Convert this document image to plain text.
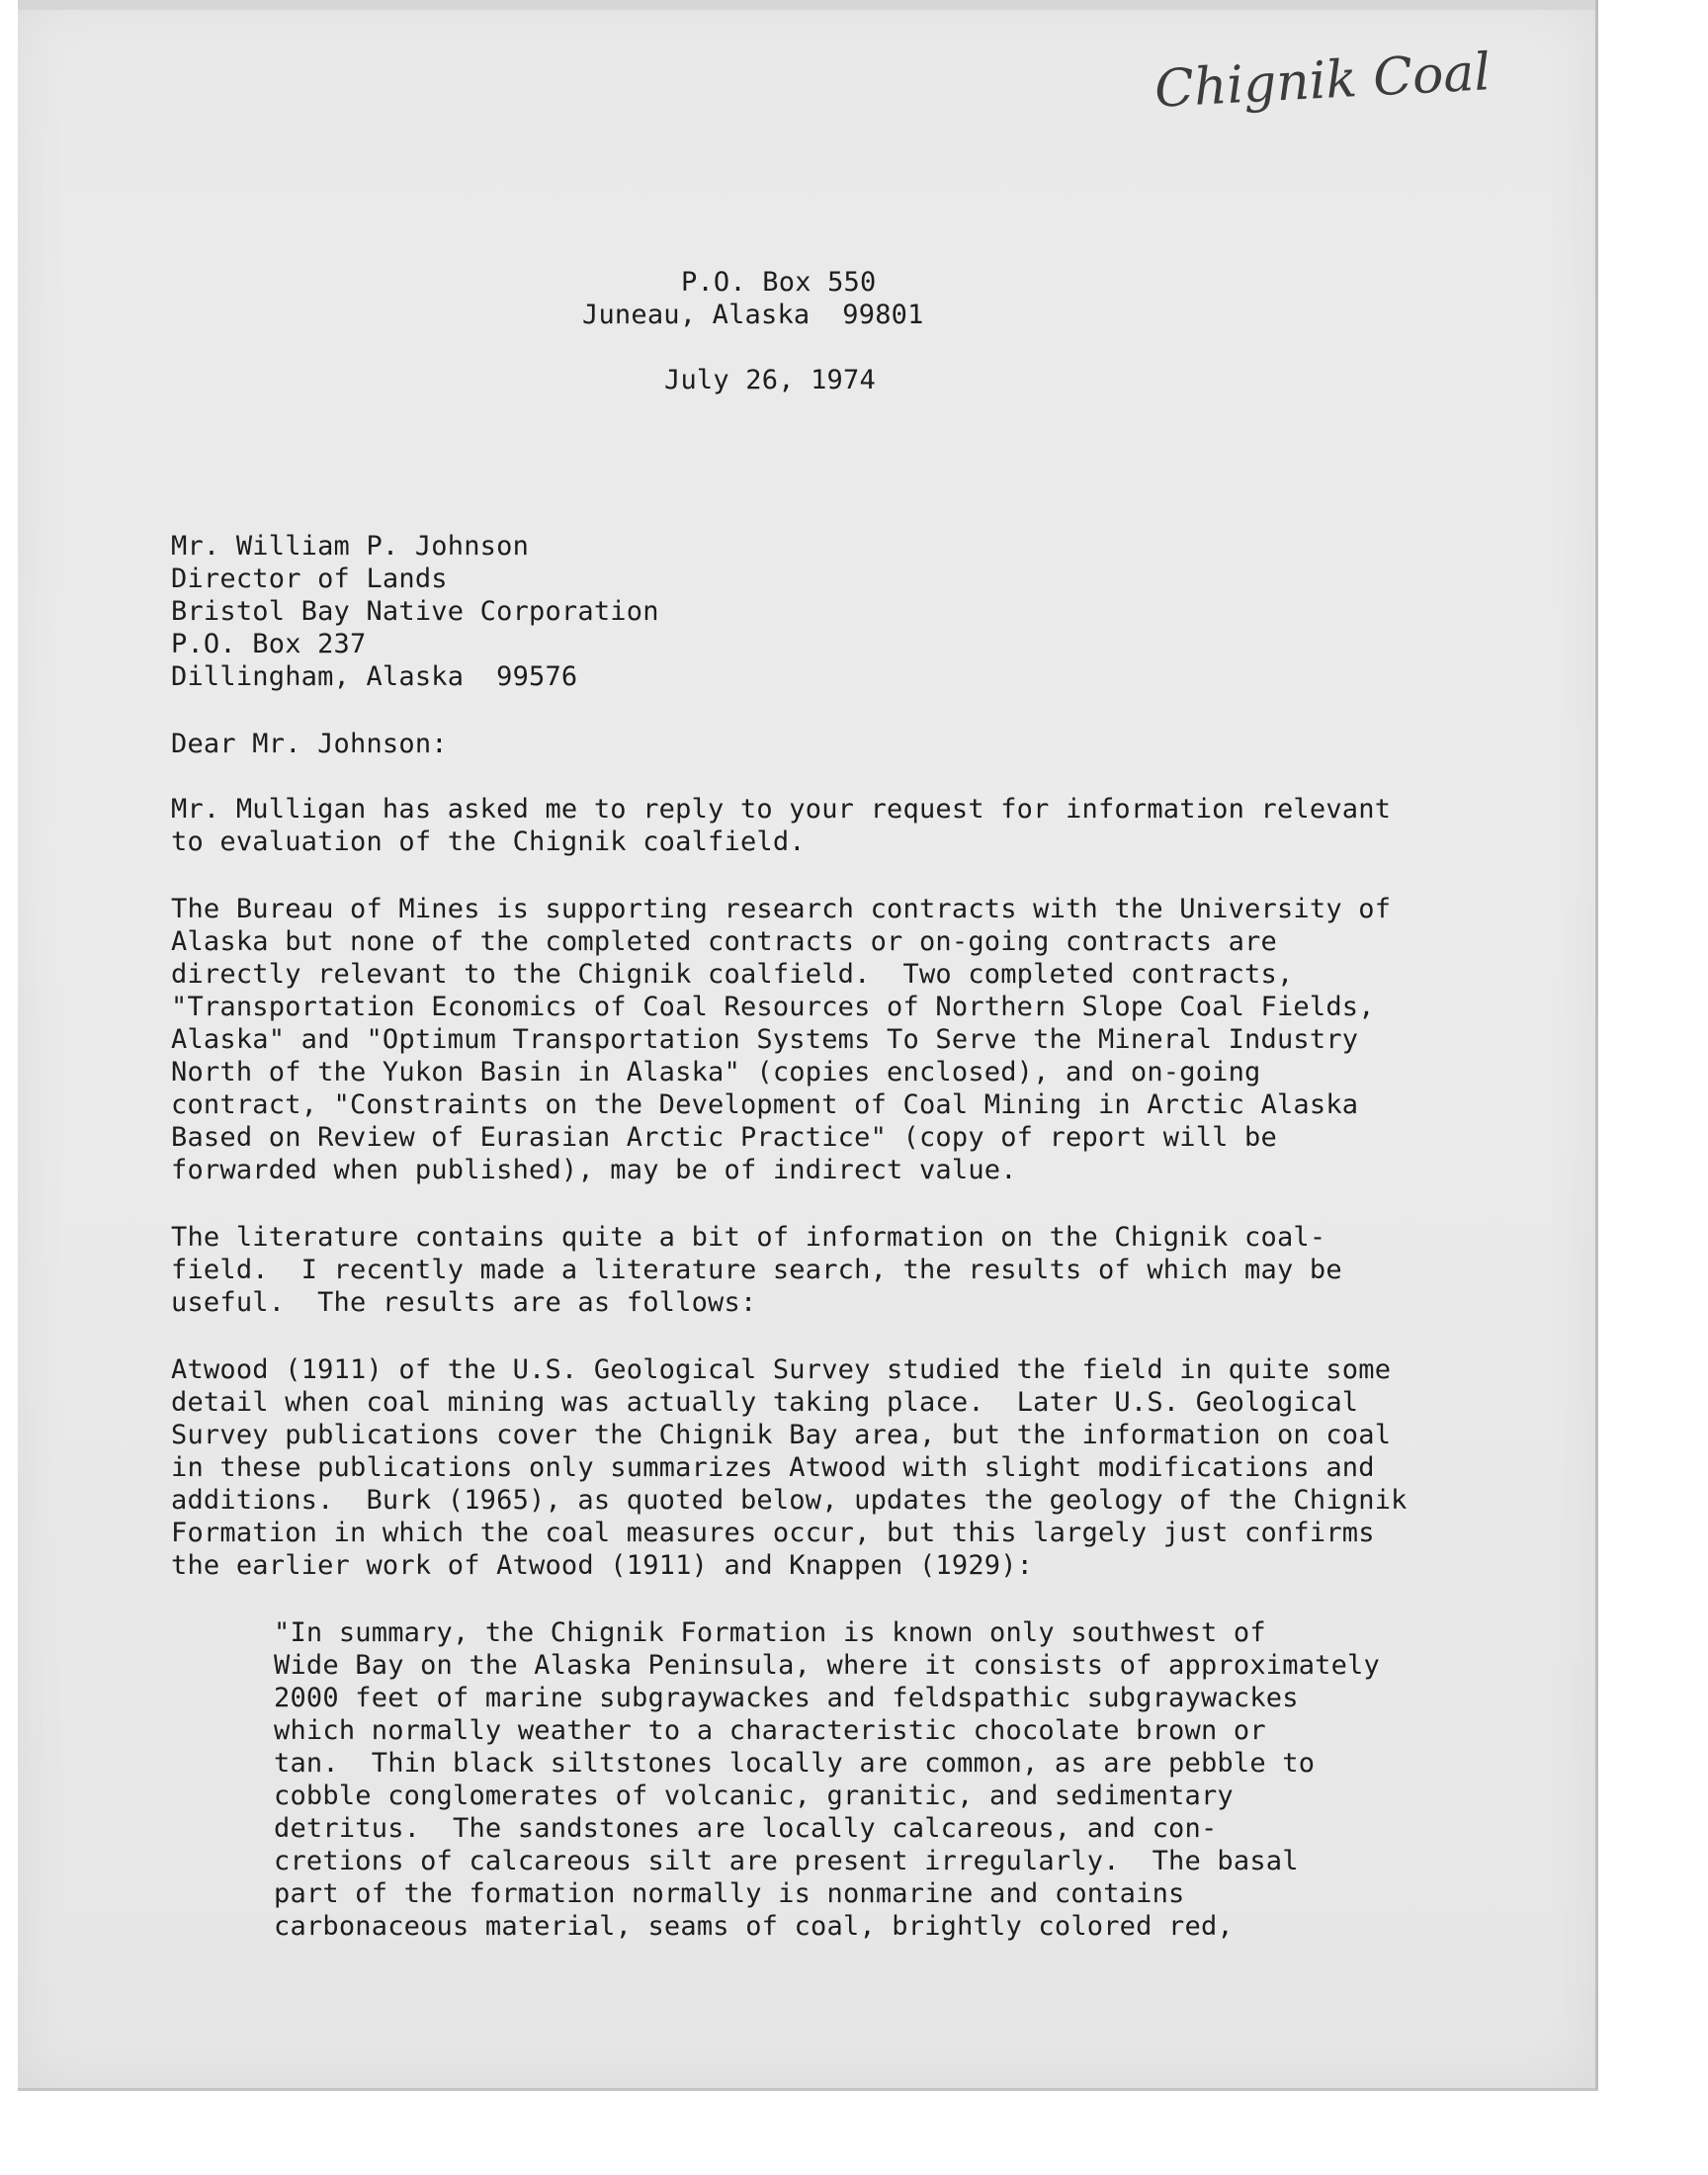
Chignik Coal

P.O. Box 550

Juneau, Alaska  99801

July 26, 1974

Mr. William P. Johnson

Director of Lands

Bristol Bay Native Corporation

P.O. Box 237

Dillingham, Alaska  99576

Dear Mr. Johnson:

Mr. Mulligan has asked me to reply to your request for information relevant

to evaluation of the Chignik coalfield.

The Bureau of Mines is supporting research contracts with the University of

Alaska but none of the completed contracts or on-going contracts are

directly relevant to the Chignik coalfield.  Two completed contracts,

"Transportation Economics of Coal Resources of Northern Slope Coal Fields,

Alaska" and "Optimum Transportation Systems To Serve the Mineral Industry

North of the Yukon Basin in Alaska" (copies enclosed), and on-going

contract, "Constraints on the Development of Coal Mining in Arctic Alaska

Based on Review of Eurasian Arctic Practice" (copy of report will be

forwarded when published), may be of indirect value.

The literature contains quite a bit of information on the Chignik coal-

field.  I recently made a literature search, the results of which may be

useful.  The results are as follows:

Atwood (1911) of the U.S. Geological Survey studied the field in quite some

detail when coal mining was actually taking place.  Later U.S. Geological

Survey publications cover the Chignik Bay area, but the information on coal

in these publications only summarizes Atwood with slight modifications and

additions.  Burk (1965), as quoted below, updates the geology of the Chignik

Formation in which the coal measures occur, but this largely just confirms

the earlier work of Atwood (1911) and Knappen (1929):

"In summary, the Chignik Formation is known only southwest of

Wide Bay on the Alaska Peninsula, where it consists of approximately

2000 feet of marine subgraywackes and feldspathic subgraywackes

which normally weather to a characteristic chocolate brown or

tan.  Thin black siltstones locally are common, as are pebble to

cobble conglomerates of volcanic, granitic, and sedimentary

detritus.  The sandstones are locally calcareous, and con-

cretions of calcareous silt are present irregularly.  The basal

part of the formation normally is nonmarine and contains

carbonaceous material, seams of coal, brightly colored red,
